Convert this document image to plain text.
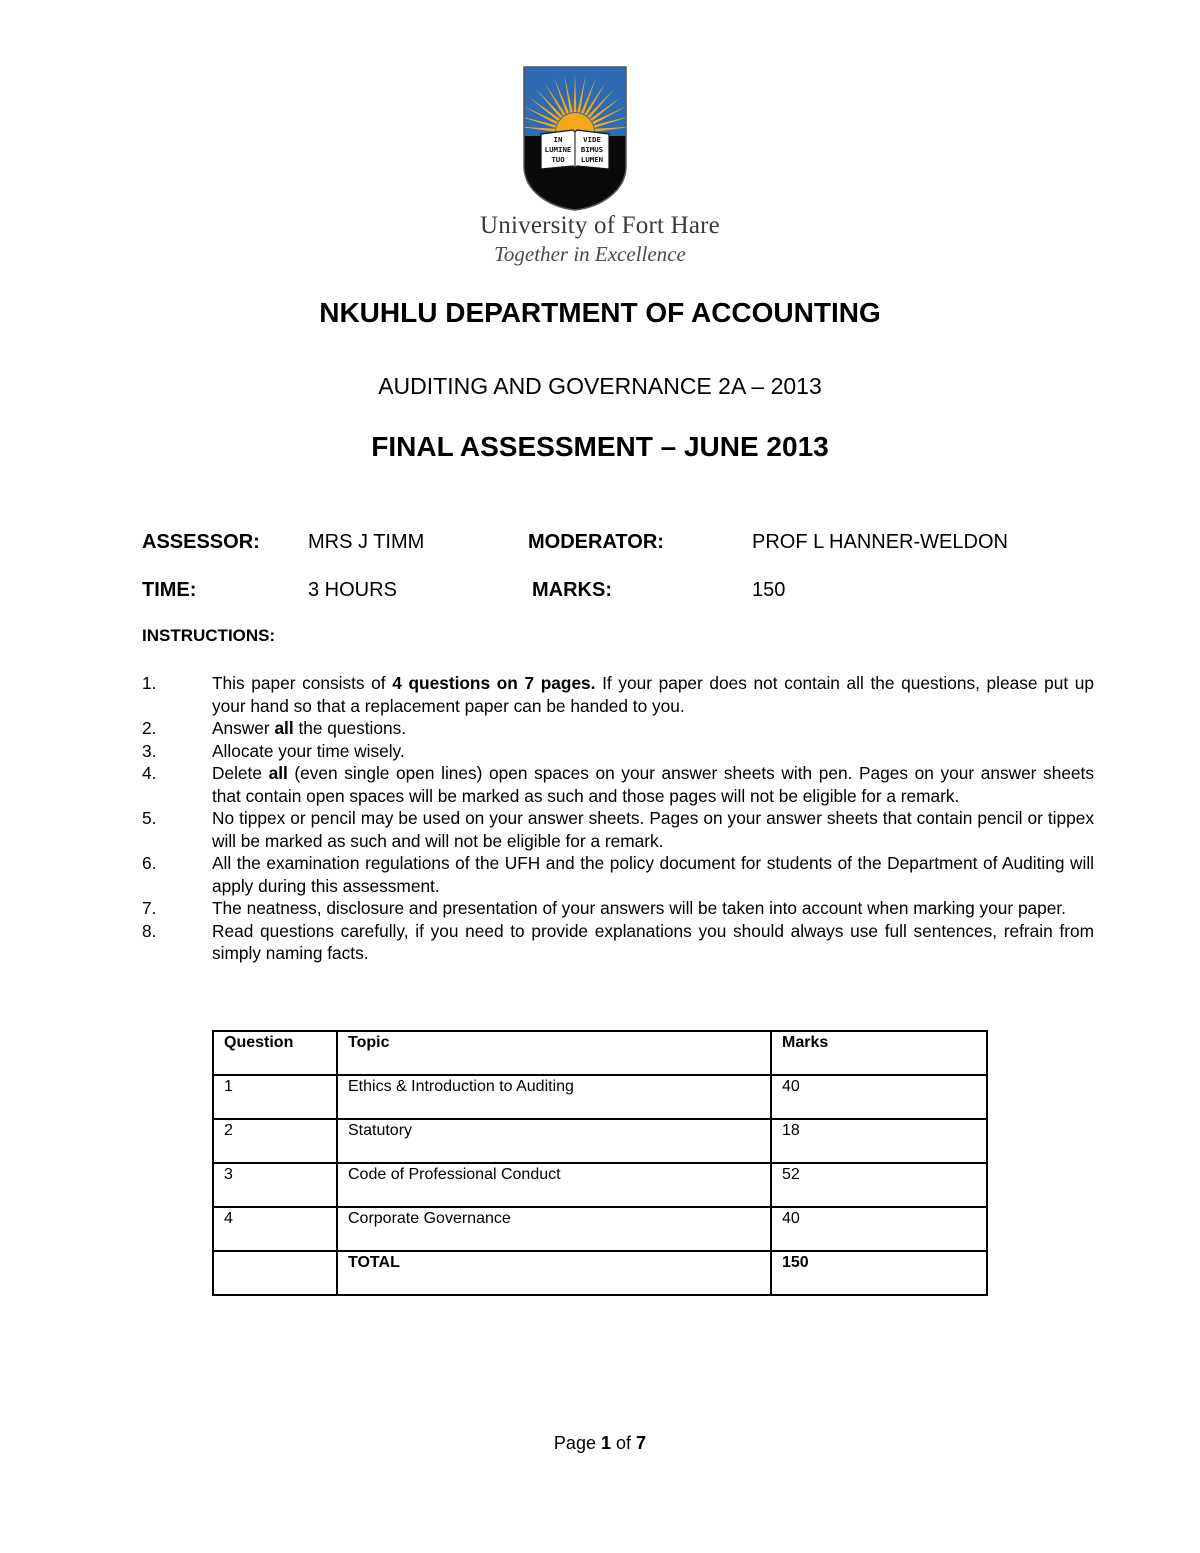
IN
LUMINE
TUO
VIDE
BIMUS
LUMEN
University of Fort Hare
Together in Excellence
NKUHLU DEPARTMENT OF ACCOUNTING
AUDITING AND GOVERNANCE 2A – 2013
FINAL ASSESSMENT – JUNE 2013
ASSESSOR: MRS J TIMM	MODERATOR:	PROF L HANNER-WELDON
TIME:	3 HOURS	MARKS:	150
INSTRUCTIONS:
1.	This paper consists of 4 questions on 7 pages. If your paper does not contain all the questions, please put up your hand so that a replacement paper can be handed to you.
2.	Answer all the questions.
3.	Allocate your time wisely.
4.	Delete all (even single open lines) open spaces on your answer sheets with pen. Pages on your answer sheets that contain open spaces will be marked as such and those pages will not be eligible for a remark.
5.	No tippex or pencil may be used on your answer sheets. Pages on your answer sheets that contain pencil or tippex will be marked as such and will not be eligible for a remark.
6.	All the examination regulations of the UFH and the policy document for students of the Department of Auditing will apply during this assessment.
7.	The neatness, disclosure and presentation of your answers will be taken into account when marking your paper.
8.	Read questions carefully, if you need to provide explanations you should always use full sentences, refrain from simply naming facts.
Question	Topic	Marks
1	Ethics & Introduction to Auditing	40
2	Statutory	18
3	Code of Professional Conduct	52
4	Corporate Governance	40
	TOTAL	150
Page 1 of 7
